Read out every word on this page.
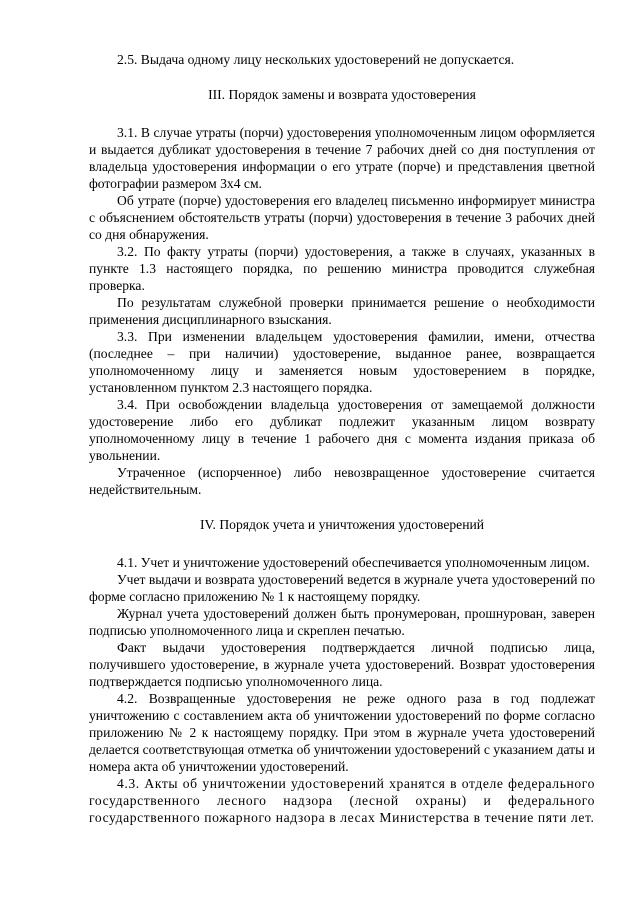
2.5. Выдача одному лицу нескольких удостоверений не допускается.

III. Порядок замены и возврата удостоверения

3.1. В случае утраты (порчи) удостоверения уполномоченным лицом оформляется и выдается дубликат удостоверения в течение 7 рабочих дней со дня поступления от владельца удостоверения информации о его утрате (порче) и представления цветной фотографии размером 3х4 см.

Об утрате (порче) удостоверения его владелец письменно информирует министра с объяснением обстоятельств утраты (порчи) удостоверения в течение 3 рабочих дней со дня обнаружения.

3.2. По факту утраты (порчи) удостоверения, а также в случаях, указанных в пункте 1.3 настоящего порядка, по решению министра проводится служебная проверка.

По результатам служебной проверки принимается решение о необходимости применения дисциплинарного взыскания.

3.3. При изменении владельцем удостоверения фамилии, имени, отчества (последнее – при наличии) удостоверение, выданное ранее, возвращается уполномоченному лицу и заменяется новым удостоверением в порядке, установленном пунктом 2.3 настоящего порядка.

3.4. При освобождении владельца удостоверения от замещаемой должности удостоверение либо его дубликат подлежит указанным лицом возврату уполномоченному лицу в течение 1 рабочего дня с момента издания приказа об увольнении.

Утраченное (испорченное) либо невозвращенное удостоверение считается недействительным.

IV. Порядок учета и уничтожения удостоверений

4.1. Учет и уничтожение удостоверений обеспечивается уполномоченным лицом.

Учет выдачи и возврата удостоверений ведется в журнале учета удостоверений по форме согласно приложению № 1 к настоящему порядку.

Журнал учета удостоверений должен быть пронумерован, прошнурован, заверен подписью уполномоченного лица и скреплен печатью.

Факт выдачи удостоверения подтверждается личной подписью лица, получившего удостоверение, в журнале учета удостоверений. Возврат удостоверения подтверждается подписью уполномоченного лица.

4.2. Возвращенные удостоверения не реже одного раза в год подлежат уничтожению с составлением акта об уничтожении удостоверений по форме согласно приложению № 2 к настоящему порядку. При этом в журнале учета удостоверений делается соответствующая отметка об уничтожении удостоверений с указанием даты и номера акта об уничтожении удостоверений.

4.3. Акты об уничтожении удостоверений хранятся в отделе федерального государственного лесного надзора (лесной охраны) и федерального государственного пожарного надзора в лесах Министерства в течение пяти лет.
